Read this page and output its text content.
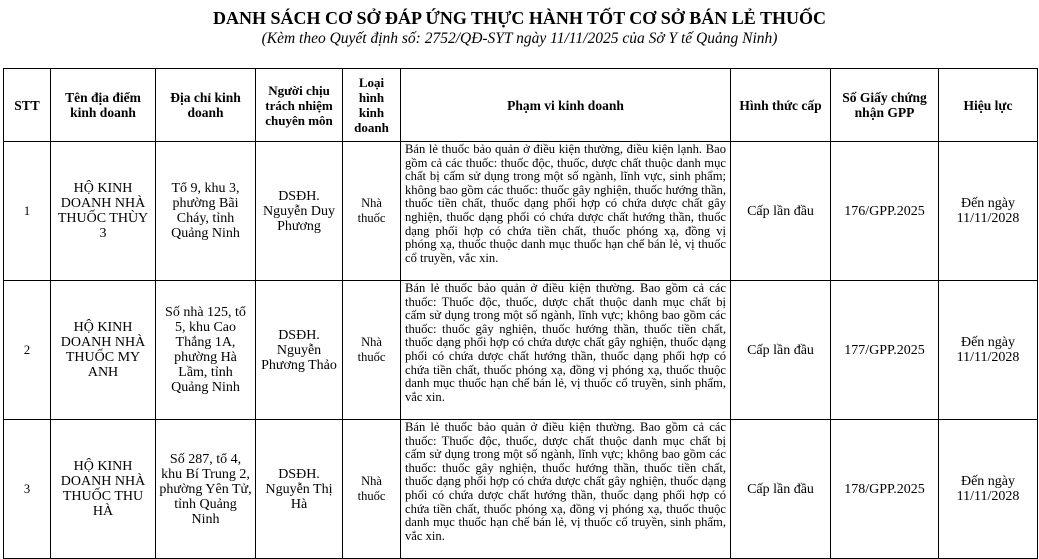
DANH SÁCH CƠ SỞ ĐÁP ỨNG THỰC HÀNH TỐT CƠ SỞ BÁN LẺ THUỐC
(Kèm theo Quyết định số: 2752/QĐ-SYT ngày 11/11/2025 của Sở Y tế Quảng Ninh)
STT	Tên địa điểm kinh doanh	Địa chỉ kinh doanh	Người chịu trách nhiệm chuyên môn	Loại hình kinh doanh	Phạm vi kinh doanh	Hình thức cấp	Số Giấy chứng nhận GPP	Hiệu lực
1	HỘ KINH DOANH NHÀ THUỐC THÙY 3	Tổ 9, khu 3, phường Bãi Cháy, tỉnh Quảng Ninh	DSĐH. Nguyễn Duy Phương	Nhà thuốc	Bán lẻ thuốc bảo quản ở điều kiện thường, điều kiện lạnh. Bao gồm cả các thuốc: thuốc độc, thuốc, dược chất thuộc danh mục chất bị cấm sử dụng trong một số ngành, lĩnh vực, sinh phẩm; không bao gồm các thuốc: thuốc gây nghiện, thuốc hướng thần, thuốc tiền chất, thuốc dạng phối hợp có chứa dược chất gây nghiện, thuốc dạng phối có chứa dược chất hướng thần, thuốc dạng phối hợp có chứa tiền chất, thuốc phóng xạ, đồng vị phóng xạ, thuốc thuộc danh mục thuốc hạn chế bán lẻ, vị thuốc cổ truyền, vắc xin.	Cấp lần đầu	176/GPP.2025	Đến ngày 11/11/2028
2	HỘ KINH DOANH NHÀ THUỐC MY ANH	Số nhà 125, tổ 5, khu Cao Thắng 1A, phường Hà Lầm, tỉnh Quảng Ninh	DSĐH. Nguyễn Phương Thảo	Nhà thuốc	Bán lẻ thuốc bảo quản ở điều kiện thường. Bao gồm cả các thuốc: Thuốc độc, thuốc, dược chất thuộc danh mục chất bị cấm sử dụng trong một số ngành, lĩnh vực; không bao gồm các thuốc: thuốc gây nghiện, thuốc hướng thần, thuốc tiền chất, thuốc dạng phối hợp có chứa dược chất gây nghiện, thuốc dạng phối có chứa dược chất hướng thần, thuốc dạng phối hợp có chứa tiền chất, thuốc phóng xạ, đồng vị phóng xạ, thuốc thuộc danh mục thuốc hạn chế bán lẻ, vị thuốc cổ truyền, sinh phẩm, vắc xin.	Cấp lần đầu	177/GPP.2025	Đến ngày 11/11/2028
3	HỘ KINH DOANH NHÀ THUỐC THU HÀ	Số 287, tổ 4, khu Bí Trung 2, phường Yên Tử, tỉnh Quảng Ninh	DSĐH. Nguyễn Thị Hà	Nhà thuốc	Bán lẻ thuốc bảo quản ở điều kiện thường. Bao gồm cả các thuốc: Thuốc độc, thuốc, dược chất thuộc danh mục chất bị cấm sử dụng trong một số ngành, lĩnh vực; không bao gồm các thuốc: thuốc gây nghiện, thuốc hướng thần, thuốc tiền chất, thuốc dạng phối hợp có chứa dược chất gây nghiện, thuốc dạng phối có chứa dược chất hướng thần, thuốc dạng phối hợp có chứa tiền chất, thuốc phóng xạ, đồng vị phóng xạ, thuốc thuộc danh mục thuốc hạn chế bán lẻ, vị thuốc cổ truyền, sinh phẩm, vắc xin.	Cấp lần đầu	178/GPP.2025	Đến ngày 11/11/2028
